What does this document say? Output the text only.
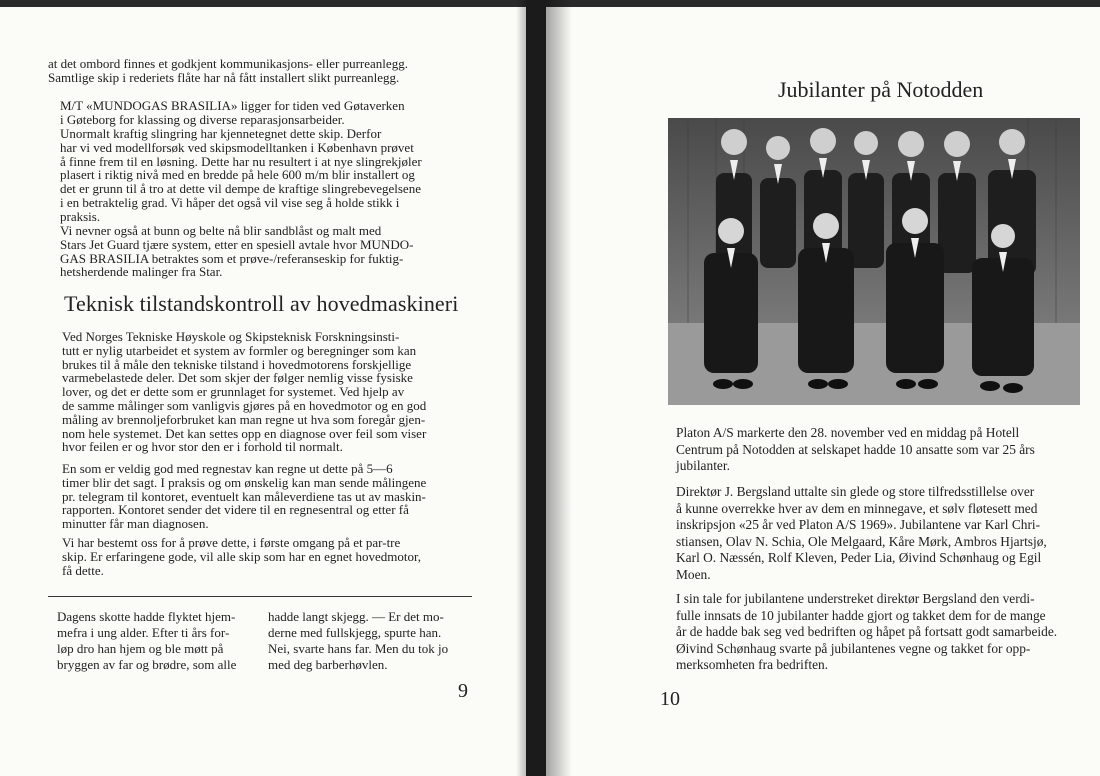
at det ombord finnes et godkjent kommunikasjons- eller purreanlegg.
Samtlige skip i rederiets flåte har nå fått installert slikt purreanlegg.

M/T «MUNDOGAS BRASILIA» ligger for tiden ved Gøtaverken
i Gøteborg for klassing og diverse reparasjonsarbeider.

Unormalt kraftig slingring har kjennetegnet dette skip. Derfor
har vi ved modellforsøk ved skipsmodelltanken i København prøvet
å finne frem til en løsning. Dette har nu resultert i at nye slingrekjøler
plasert i riktig nivå med en bredde på hele 600 m/m blir installert og
det er grunn til å tro at dette vil dempe de kraftige slingrebevegelsene
i en betraktelig grad. Vi håper det også vil vise seg å holde stikk i
praksis.

Vi nevner også at bunn og belte nå blir sandblåst og malt med
Stars Jet Guard tjære system, etter en spesiell avtale hvor MUNDO-
GAS BRASILIA betraktes som et prøve-/referanseskip for fuktig-
hetsherdende malinger fra Star.

Teknisk tilstandskontroll av hovedmaskineri

Ved Norges Tekniske Høyskole og Skipsteknisk Forskningsinsti-
tutt er nylig utarbeidet et system av formler og beregninger som kan
brukes til å måle den tekniske tilstand i hovedmotorens forskjellige
varmebelastede deler. Det som skjer der følger nemlig visse fysiske
lover, og det er dette som er grunnlaget for systemet. Ved hjelp av
de samme målinger som vanligvis gjøres på en hovedmotor og en god
måling av brennoljeforbruket kan man regne ut hva som foregår gjen-
nom hele systemet. Det kan settes opp en diagnose over feil som viser
hvor feilen er og hvor stor den er i forhold til normalt.

En som er veldig god med regnestav kan regne ut dette på 5—6
timer blir det sagt. I praksis og om ønskelig kan man sende målingene
pr. telegram til kontoret, eventuelt kan måleverdiene tas ut av maskin-
rapporten. Kontoret sender det videre til en regnesentral og etter få
minutter får man diagnosen.

Vi har bestemt oss for å prøve dette, i første omgang på et par-tre
skip. Er erfaringene gode, vil alle skip som har en egnet hovedmotor,
få dette.

Dagens skotte hadde flyktet hjem-
mefra i ung alder. Efter ti års for-
løp dro han hjem og ble møtt på
bryggen av far og brødre, som alle

hadde langt skjegg. — Er det mo-
derne med fullskjegg, spurte han.
Nei, svarte hans far. Men du tok jo
med deg barberhøvlen.

9
Jubilanter på Notodden

Platon A/S markerte den 28. november ved en middag på Hotell
Centrum på Notodden at selskapet hadde 10 ansatte som var 25 års
jubilanter.

Direktør J. Bergsland uttalte sin glede og store tilfredsstillelse over
å kunne overrekke hver av dem en minnegave, et sølv fløtesett med
inskripsjon «25 år ved Platon A/S 1969». Jubilantene var Karl Chri-
stiansen, Olav N. Schia, Ole Melgaard, Kåre Mørk, Ambros Hjartsjø,
Karl O. Næssén, Rolf Kleven, Peder Lia, Øivind Schønhaug og Egil
Moen.

I sin tale for jubilantene understreket direktør Bergsland den verdi-
fulle innsats de 10 jubilanter hadde gjort og takket dem for de mange
år de hadde bak seg ved bedriften og håpet på fortsatt godt samarbeide.
Øivind Schønhaug svarte på jubilantenes vegne og takket for opp-
merksomheten fra bedriften.

10
